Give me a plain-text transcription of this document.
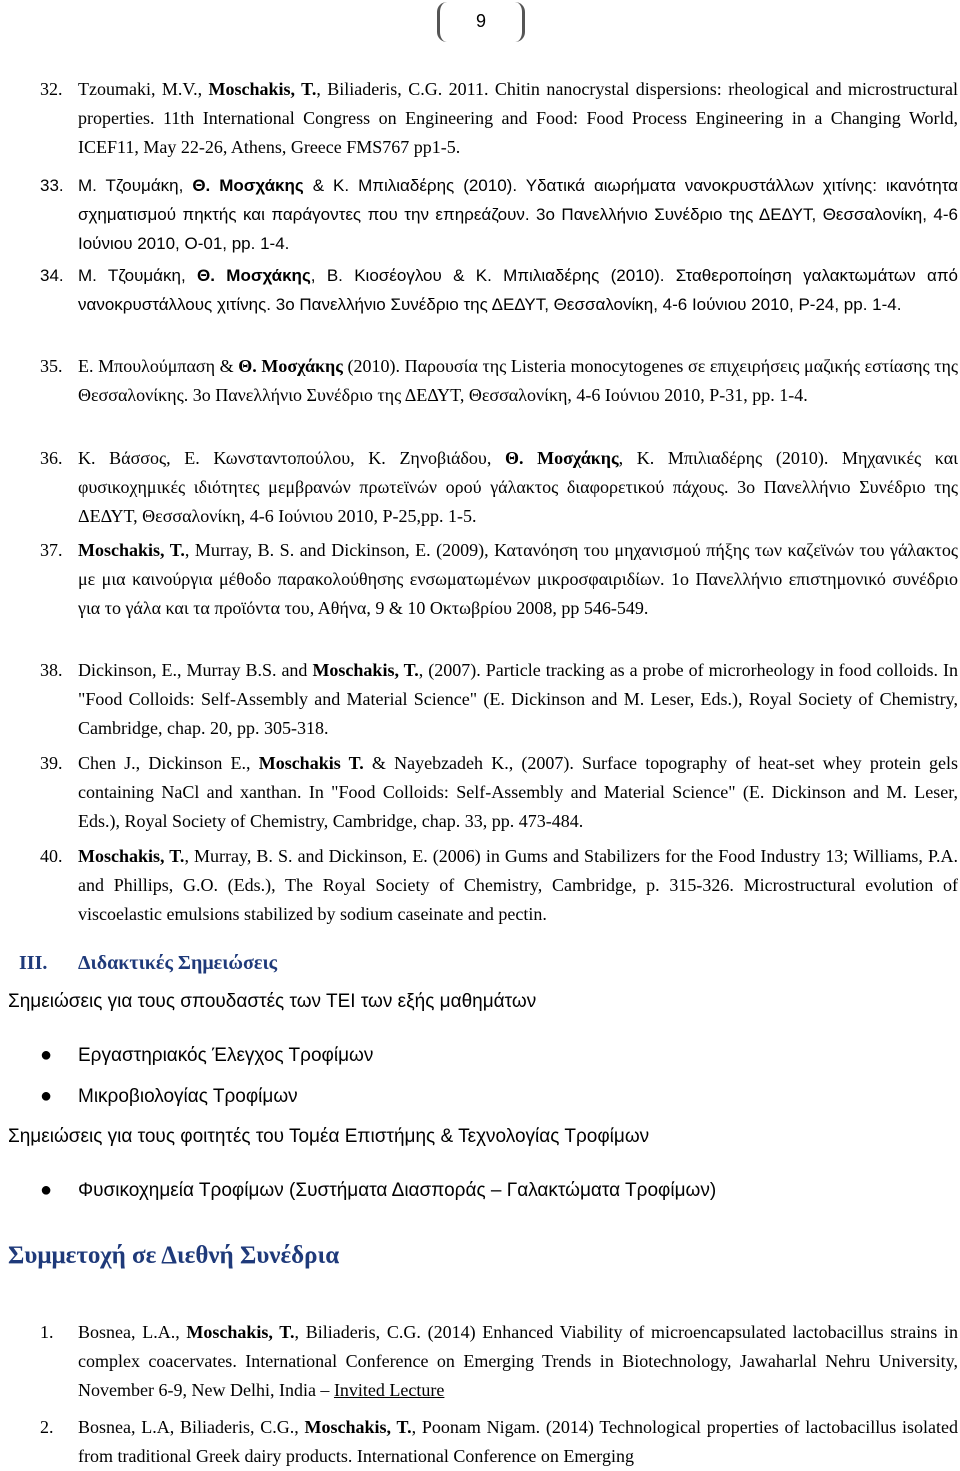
9
32. Tzoumaki, M.V., Moschakis, T., Biliaderis, C.G. 2011. Chitin nanocrystal dispersions: rheological and microstructural properties. 11th International Congress on Engineering and Food: Food Process Engineering in a Changing World, ICEF11, May 22-26, Athens, Greece FMS767 pp1-5.
33. Μ. Τζουμάκη, Θ. Μοσχάκης & Κ. Μπιλιαδέρης (2010). Υδατικά αιωρήματα νανοκρυστάλλων χιτίνης: ικανότητα σχηματισμού πηκτής και παράγοντες που την επηρεάζουν. 3ο Πανελλήνιο Συνέδριο της ΔΕΔΥΤ, Θεσσαλονίκη, 4-6 Ιούνιου 2010, Ο-01, pp. 1-4.
34. Μ. Τζουμάκη, Θ. Μοσχάκης, Β. Κιοσέογλου & Κ. Μπιλιαδέρης (2010). Σταθεροποίηση γαλακτωμάτων από νανοκρυστάλλους χιτίνης. 3ο Πανελλήνιο Συνέδριο της ΔΕΔΥΤ, Θεσσαλονίκη, 4-6 Ιούνιου 2010, P-24, pp. 1-4.
35. Ε. Μπουλούμπαση & Θ. Μοσχάκης (2010). Παρουσία της Listeria monocytogenes σε επιχειρήσεις μαζικής εστίασης της Θεσσαλονίκης. 3ο Πανελλήνιο Συνέδριο της ΔΕΔΥΤ, Θεσσαλονίκη, 4-6 Ιούνιου 2010, P-31, pp. 1-4.
36. Κ. Βάσσος, Ε. Κωνσταντοπούλου, Κ. Ζηνοβιάδου, Θ. Μοσχάκης, Κ. Μπιλιαδέρης (2010). Μηχανικές και φυσικοχημικές ιδιότητες μεμβρανών πρωτεϊνών ορού γάλακτος διαφορετικού πάχους. 3ο Πανελλήνιο Συνέδριο της ΔΕΔΥΤ, Θεσσαλονίκη, 4-6 Ιούνιου 2010, P-25,pp. 1-5.
37. Moschakis, T., Murray, B. S. and Dickinson, E. (2009), Κατανόηση του μηχανισμού πήξης των καζεϊνών του γάλακτος με μια καινούργια μέθοδο παρακολούθησης ενσωματωμένων μικροσφαιριδίων. 1ο Πανελλήνιο επιστημονικό συνέδριο για το γάλα και τα προϊόντα του, Αθήνα, 9 & 10 Οκτωβρίου 2008, pp 546-549.
38. Dickinson, E., Murray B.S. and Moschakis, T., (2007). Particle tracking as a probe of microrheology in food colloids. In "Food Colloids: Self-Assembly and Material Science" (E. Dickinson and M. Leser, Eds.), Royal Society of Chemistry, Cambridge, chap. 20, pp. 305-318.
39. Chen J., Dickinson E., Moschakis T. & Nayebzadeh K., (2007). Surface topography of heat-set whey protein gels containing NaCl and xanthan. In "Food Colloids: Self-Assembly and Material Science" (E. Dickinson and M. Leser, Eds.), Royal Society of Chemistry, Cambridge, chap. 33, pp. 473-484.
40. Moschakis, T., Murray, B. S. and Dickinson, E. (2006) in Gums and Stabilizers for the Food Industry 13; Williams, P.A. and Phillips, G.O. (Eds.), The Royal Society of Chemistry, Cambridge, p. 315-326. Microstructural evolution of viscoelastic emulsions stabilized by sodium caseinate and pectin.
III. Διδακτικές Σημειώσεις
Σημειώσεις για τους σπουδαστές των ΤΕΙ των εξής μαθημάτων
● Εργαστηριακός Έλεγχος Τροφίμων
● Μικροβιολογίας Τροφίμων
Σημειώσεις για τους φοιτητές του Τομέα Επιστήμης & Τεχνολογίας Τροφίμων
● Φυσικοχημεία Τροφίμων (Συστήματα Διασποράς – Γαλακτώματα Τροφίμων)
Συμμετοχή σε Διεθνή Συνέδρια
1. Bosnea, L.A., Moschakis, T., Biliaderis, C.G. (2014) Enhanced Viability of microencapsulated lactobacillus strains in complex coacervates. International Conference on Emerging Trends in Biotechnology, Jawaharlal Nehru University, November 6-9, New Delhi, India – Invited Lecture
2. Bosnea, L.A, Biliaderis, C.G., Moschakis, T., Poonam Nigam. (2014) Technological properties of lactobacillus isolated from traditional Greek dairy products. International Conference on Emerging
